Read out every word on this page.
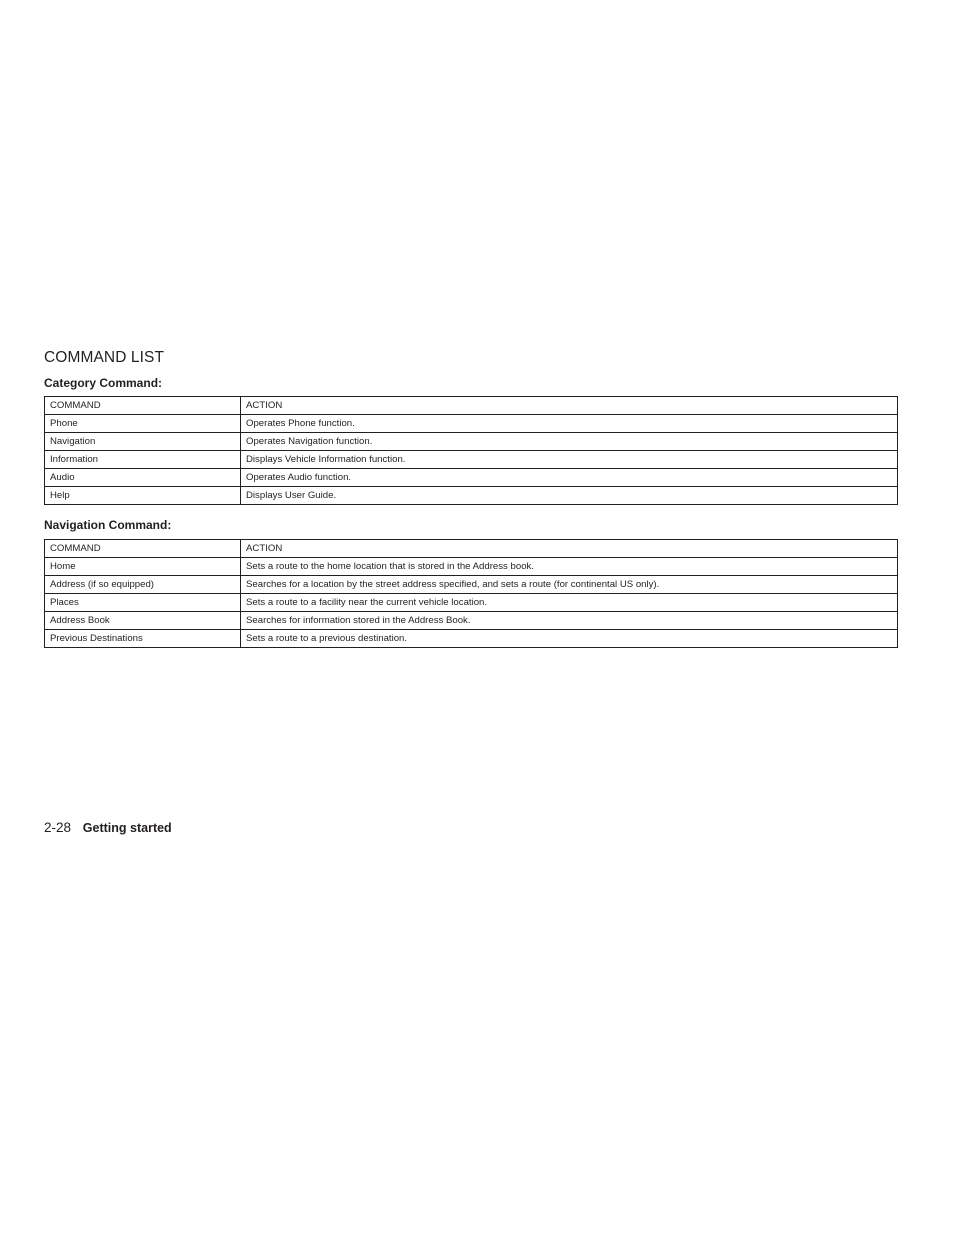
COMMAND LIST
Category Command:
COMMAND	ACTION
Phone	Operates Phone function.
Navigation	Operates Navigation function.
Information	Displays Vehicle Information function.
Audio	Operates Audio function.
Help	Displays User Guide.
Navigation Command:
COMMAND	ACTION
Home	Sets a route to the home location that is stored in the Address book.
Address (if so equipped)	Searches for a location by the street address specified, and sets a route (for continental US only).
Places	Sets a route to a facility near the current vehicle location.
Address Book	Searches for information stored in the Address Book.
Previous Destinations	Sets a route to a previous destination.
2-28 Getting started
